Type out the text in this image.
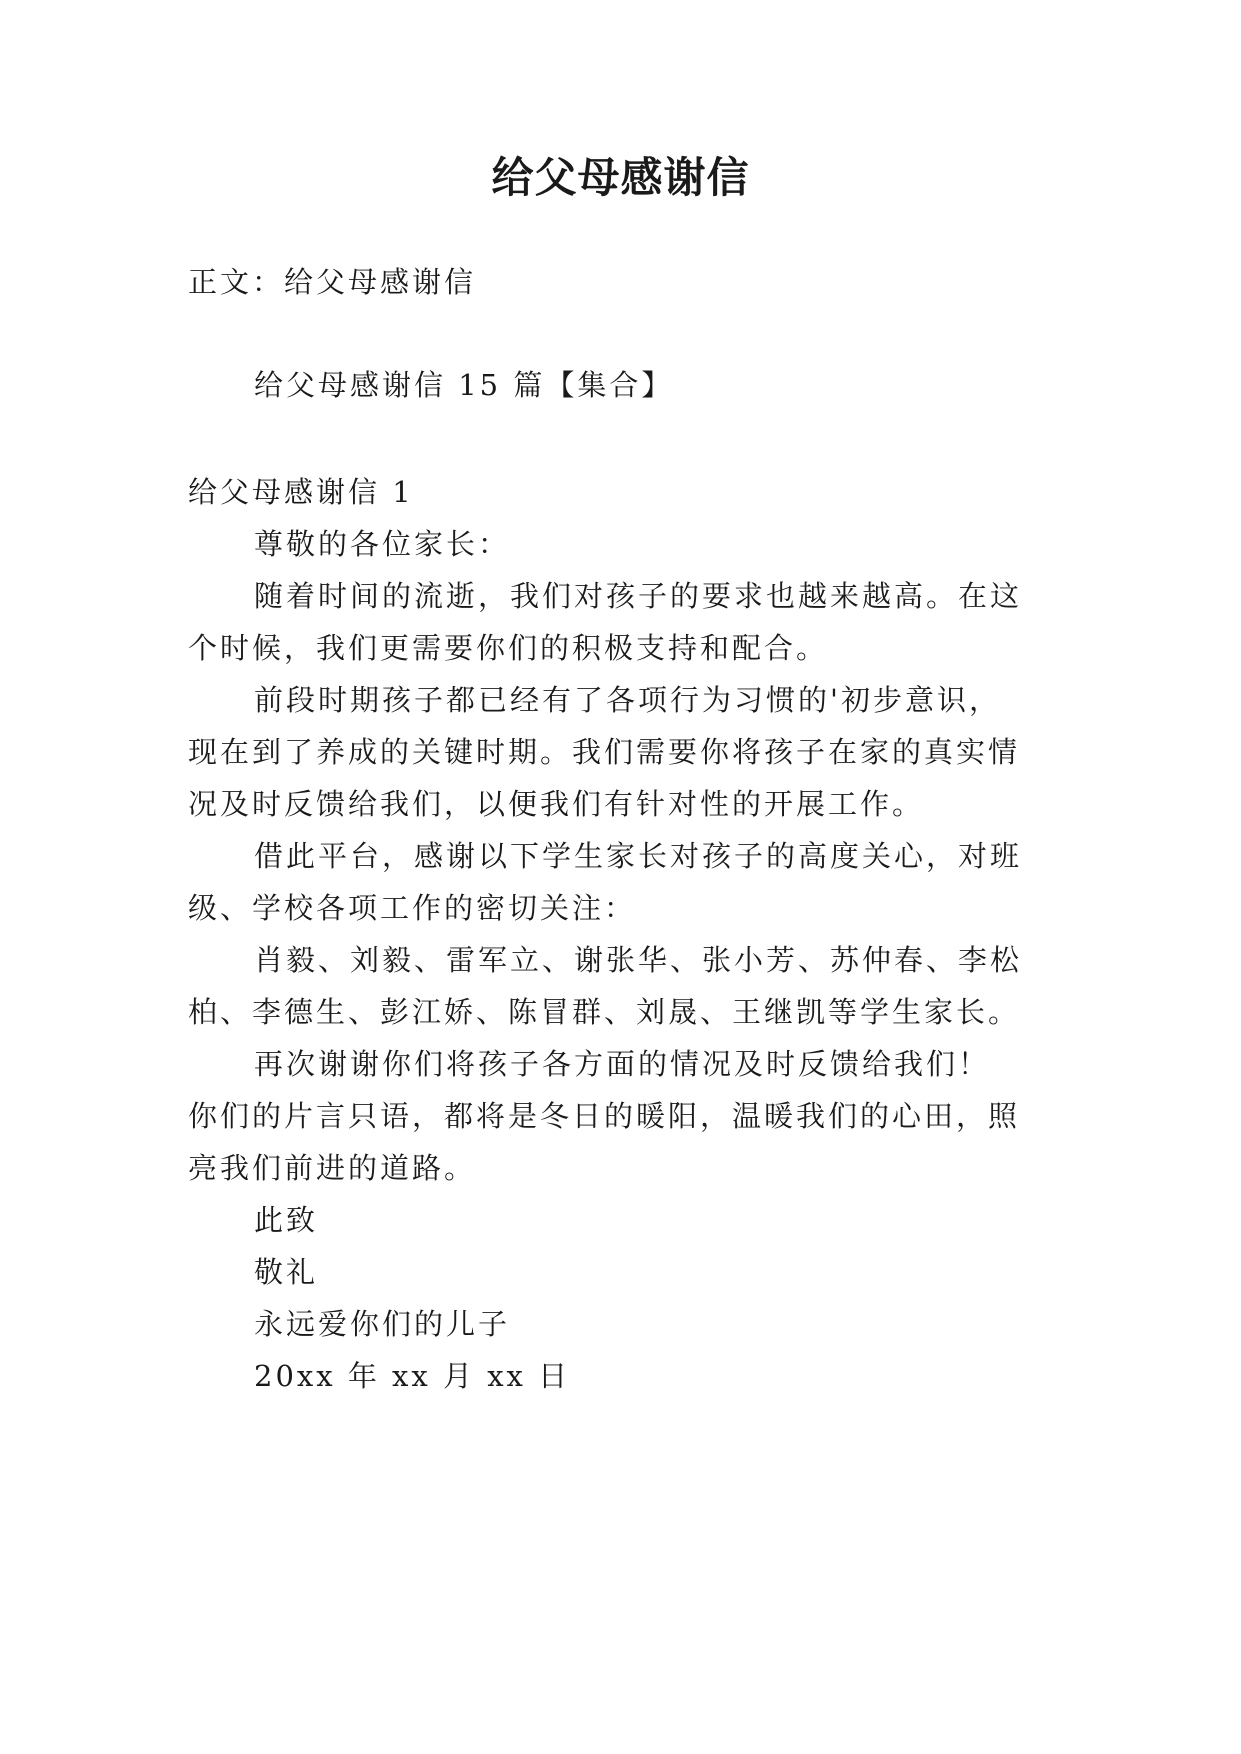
给父母感谢信
正文：给父母感谢信
给父母感谢信 15 篇【集合】
给父母感谢信 1
尊敬的各位家长：
随着时间的流逝，我们对孩子的要求也越来越高。在这
个时候，我们更需要你们的积极支持和配合。
前段时期孩子都已经有了各项行为习惯的'初步意识，
现在到了养成的关键时期。我们需要你将孩子在家的真实情
况及时反馈给我们，以便我们有针对性的开展工作。
借此平台，感谢以下学生家长对孩子的高度关心，对班
级、学校各项工作的密切关注：
肖毅、刘毅、雷军立、谢张华、张小芳、苏仲春、李松
柏、李德生、彭江娇、陈冒群、刘晟、王继凯等学生家长。
再次谢谢你们将孩子各方面的情况及时反馈给我们！
你们的片言只语，都将是冬日的暖阳，温暖我们的心田，照
亮我们前进的道路。
此致
敬礼
永远爱你们的儿子
20xx 年 xx 月 xx 日
